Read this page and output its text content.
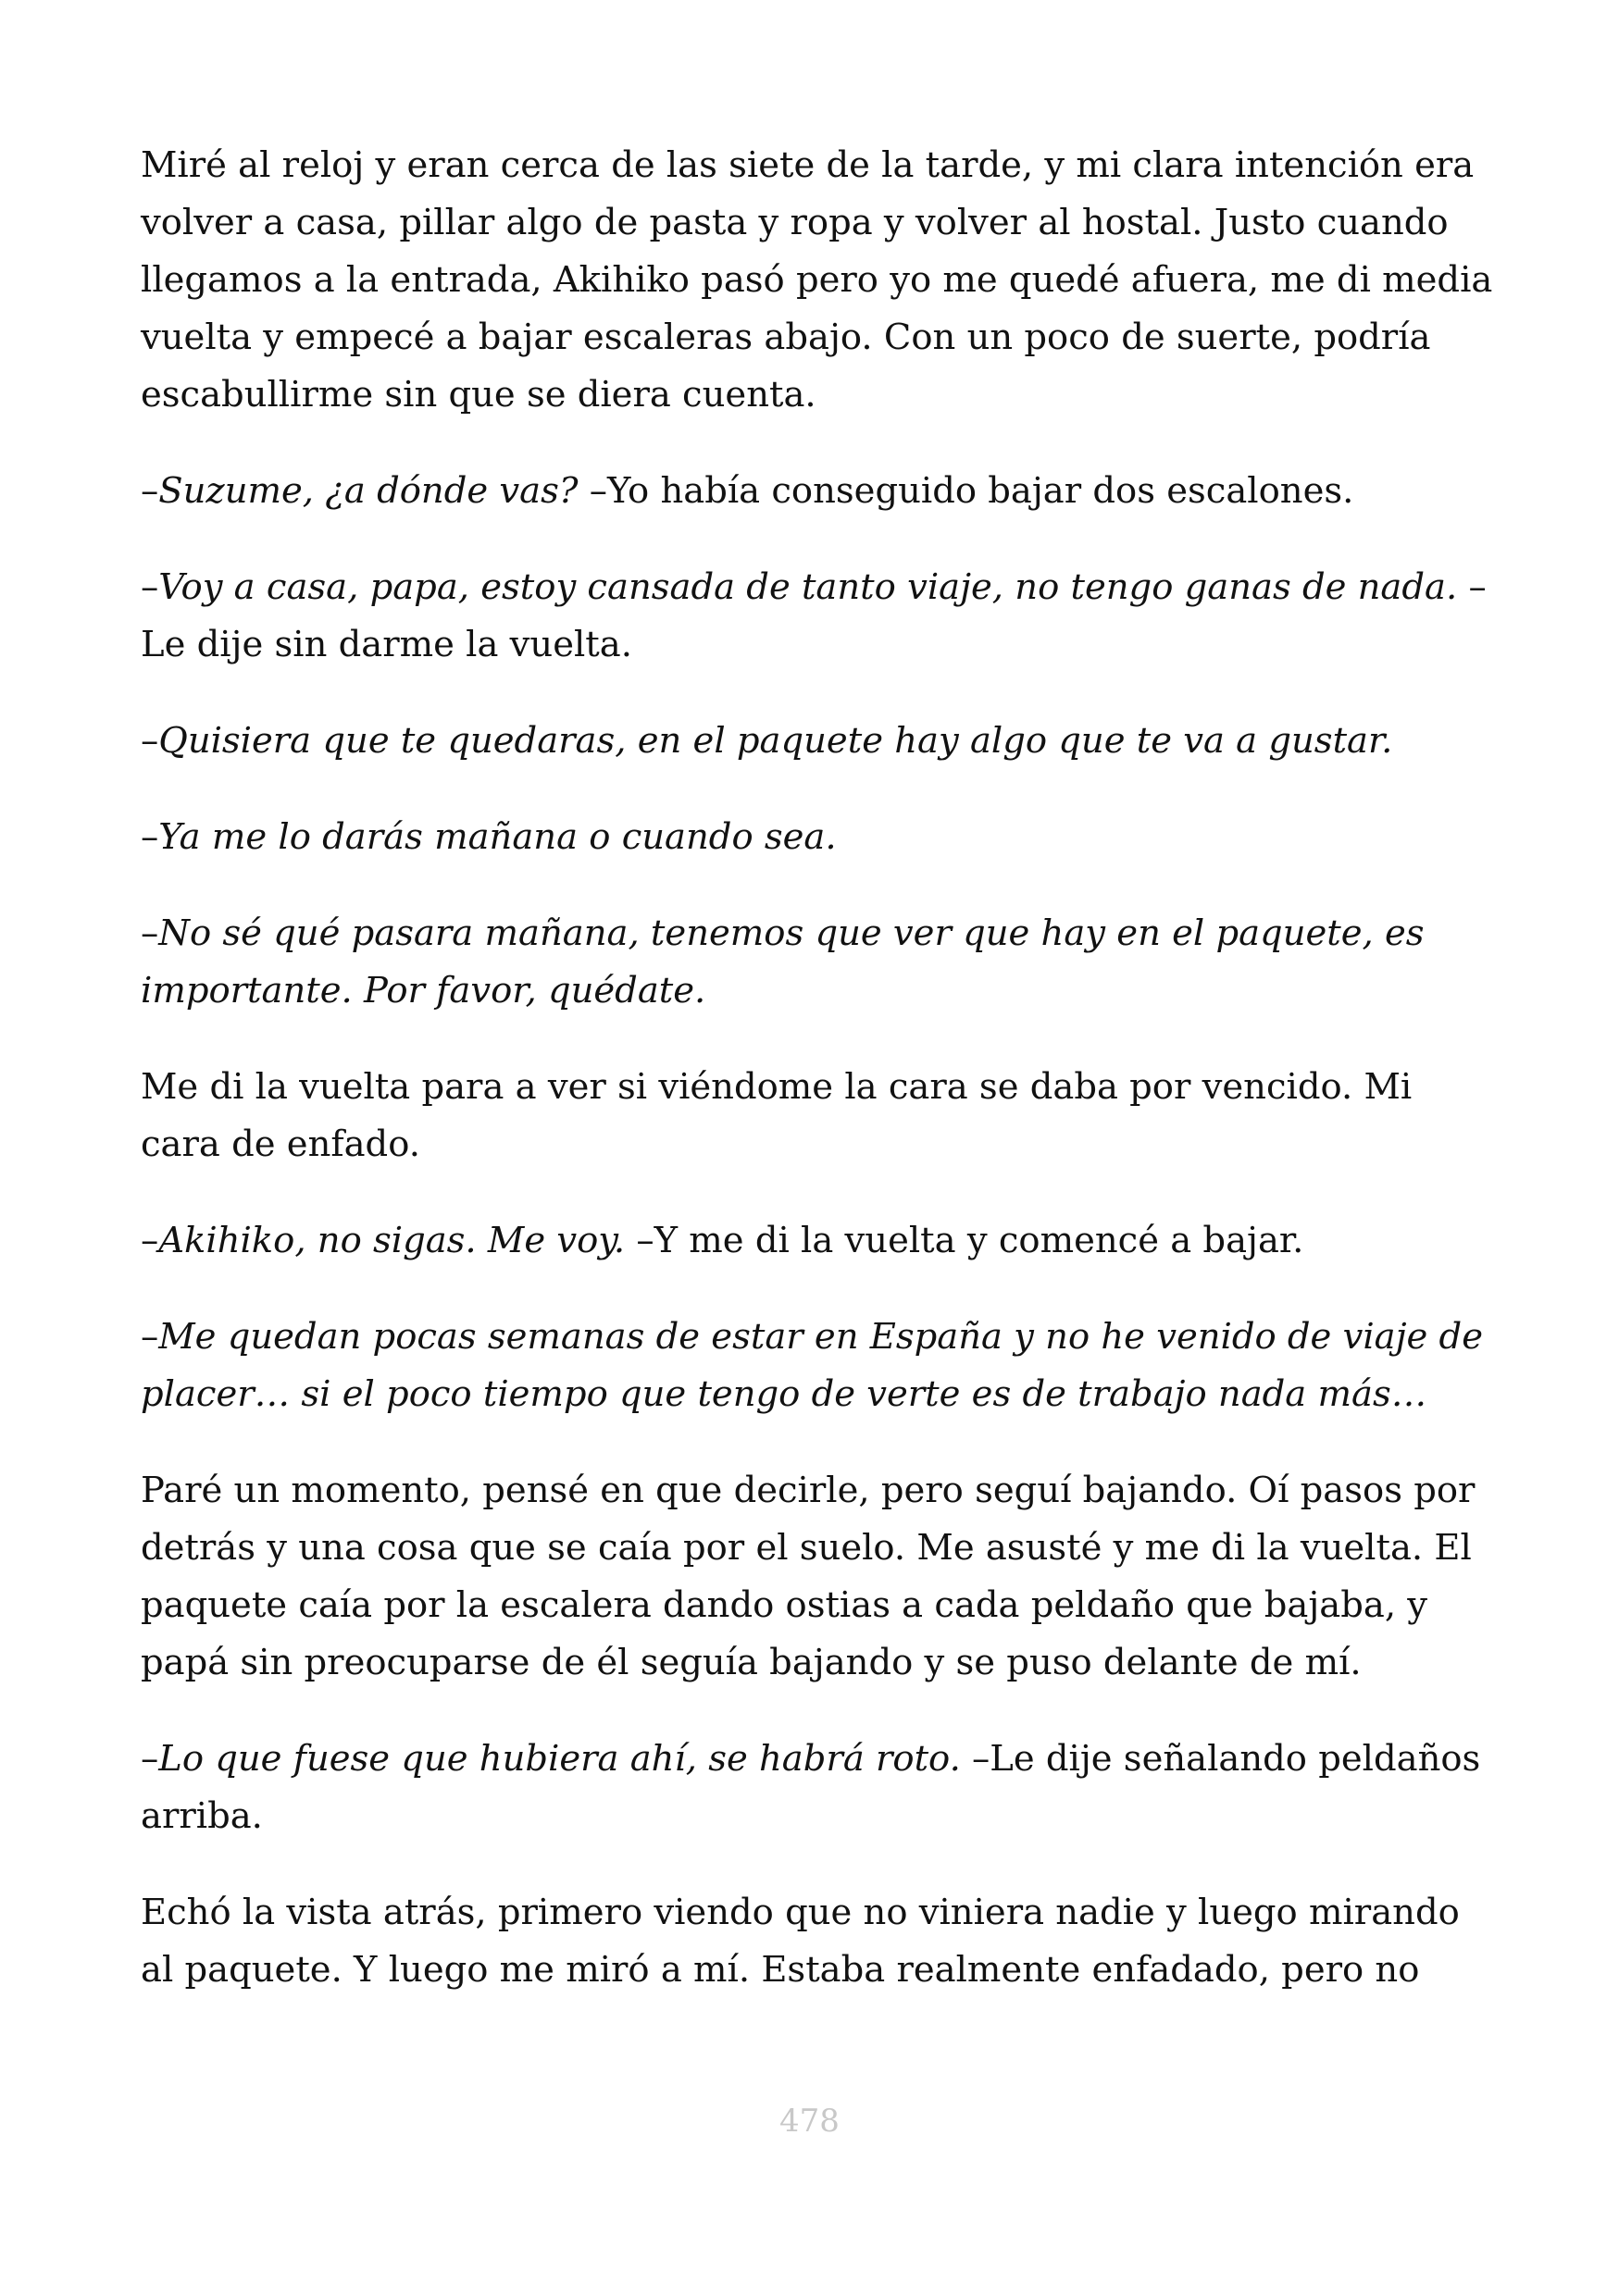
Miré al reloj y eran cerca de las siete de la tarde, y mi clara intención era volver a casa, pillar algo de pasta y ropa y volver al hostal. Justo cuando llegamos a la entrada, Akihiko pasó pero yo me quedé afuera, me di media vuelta y empecé a bajar escaleras abajo. Con un poco de suerte, podría escabullirme sin que se diera cuenta.

–Suzume, ¿a dónde vas? –Yo había conseguido bajar dos escalones.

–Voy a casa, papa, estoy cansada de tanto viaje, no tengo ganas de nada. – Le dije sin darme la vuelta.

–Quisiera que te quedaras, en el paquete hay algo que te va a gustar.

–Ya me lo darás mañana o cuando sea.

–No sé qué pasara mañana, tenemos que ver que hay en el paquete, es importante. Por favor, quédate.

Me di la vuelta para a ver si viéndome la cara se daba por vencido. Mi cara de enfado.

–Akihiko, no sigas. Me voy. –Y me di la vuelta y comencé a bajar.

–Me quedan pocas semanas de estar en España y no he venido de viaje de placer… si el poco tiempo que tengo de verte es de trabajo nada más…

Paré un momento, pensé en que decirle, pero seguí bajando. Oí pasos por detrás y una cosa que se caía por el suelo. Me asusté y me di la vuelta. El paquete caía por la escalera dando ostias a cada peldaño que bajaba, y papá sin preocuparse de él seguía bajando y se puso delante de mí.

–Lo que fuese que hubiera ahí, se habrá roto. –Le dije señalando peldaños arriba.

Echó la vista atrás, primero viendo que no viniera nadie y luego mirando al paquete. Y luego me miró a mí. Estaba realmente enfadado, pero no

478
